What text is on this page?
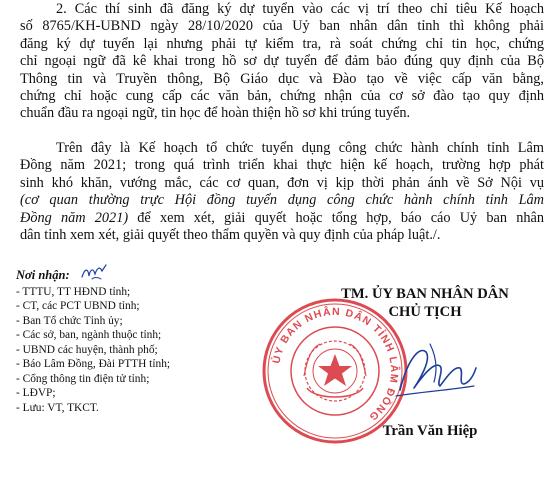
2. Các thí sinh đã đăng ký dự tuyển vào các vị trí theo chỉ tiêu Kế hoạch
số 8765/KH-UBND ngày 28/10/2020 của Uỷ ban nhân dân tỉnh thì không phải
đăng ký dự tuyển lại nhưng phải tự kiểm tra, rà soát chứng chỉ tin học, chứng
chỉ ngoại ngữ đã kê khai trong hồ sơ dự tuyển để đảm bảo đúng quy định của Bộ
Thông tin và Truyền thông, Bộ Giáo dục và Đào tạo về việc cấp văn bằng,
chứng chỉ hoặc cung cấp các văn bản, chứng nhận của cơ sở đào tạo quy định
chuẩn đầu ra ngoại ngữ, tin học để hoàn thiện hồ sơ khi trúng tuyển.
Trên đây là Kế hoạch tổ chức tuyển dụng công chức hành chính tỉnh Lâm
Đồng năm 2021; trong quá trình triển khai thực hiện kế hoạch, trường hợp phát
sinh khó khăn, vướng mắc, các cơ quan, đơn vị kịp thời phản ánh về Sở Nội vụ
(cơ quan thường trực Hội đồng tuyển dụng công chức hành chính tỉnh Lâm
Đồng năm 2021) để xem xét, giải quyết hoặc tổng hợp, báo cáo Uỷ ban nhân
dân tỉnh xem xét, giải quyết theo thẩm quyền và quy định của pháp luật./.
Nơi nhận:
- TTTU, TT HĐND tỉnh;
- CT, các PCT UBND tỉnh;
- Ban Tổ chức Tỉnh ủy;
- Các sở, ban, ngành thuộc tỉnh;
- UBND các huyện, thành phố;
- Báo Lâm Đồng, Đài PTTH tỉnh;
- Cổng thông tin điện tử tỉnh;
- LĐVP;
- Lưu: VT, TKCT.
TM. ỦY BAN NHÂN DÂN
CHỦ TỊCH
ỦY BAN NHÂN DÂN TỈNH LÂM ĐỒNG
Trần Văn Hiệp
